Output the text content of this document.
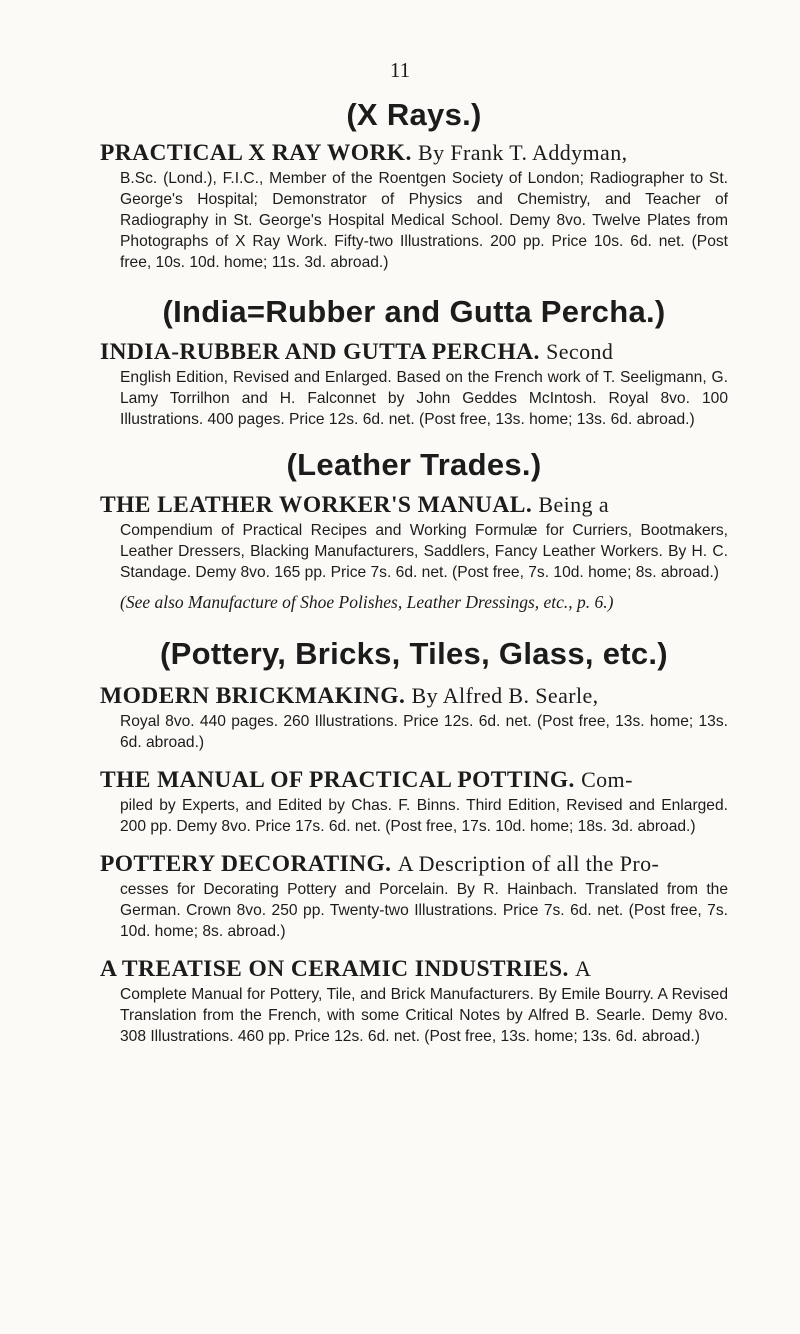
11
(X Rays.)
PRACTICAL X RAY WORK. By Frank T. Addyman,

B.Sc. (Lond.), F.I.C., Member of the Roentgen Society of London; Radiographer to St. George's Hospital; Demonstrator of Physics and Chemistry, and Teacher of Radiography in St. George's Hospital Medical School. Demy 8vo. Twelve Plates from Photographs of X Ray Work. Fifty-two Illustrations. 200 pp. Price 10s. 6d. net. (Post free, 10s. 10d. home; 11s. 3d. abroad.)

(India=Rubber and Gutta Percha.)
INDIA-RUBBER AND GUTTA PERCHA. Second

English Edition, Revised and Enlarged. Based on the French work of T. Seeligmann, G. Lamy Torrilhon and H. Falconnet by John Geddes McIntosh. Royal 8vo. 100 Illustrations. 400 pages. Price 12s. 6d. net. (Post free, 13s. home; 13s. 6d. abroad.)

(Leather Trades.)
THE LEATHER WORKER'S MANUAL. Being a

Compendium of Practical Recipes and Working Formulæ for Curriers, Bootmakers, Leather Dressers, Blacking Manufacturers, Saddlers, Fancy Leather Workers. By H. C. Standage. Demy 8vo. 165 pp. Price 7s. 6d. net. (Post free, 7s. 10d. home; 8s. abroad.)

(See also Manufacture of Shoe Polishes, Leather Dressings, etc., p. 6.)

(Pottery, Bricks, Tiles, Glass, etc.)
MODERN BRICKMAKING. By Alfred B. Searle,

Royal 8vo. 440 pages. 260 Illustrations. Price 12s. 6d. net. (Post free, 13s. home; 13s. 6d. abroad.)

THE MANUAL OF PRACTICAL POTTING. Com-

piled by Experts, and Edited by Chas. F. Binns. Third Edition, Revised and Enlarged. 200 pp. Demy 8vo. Price 17s. 6d. net. (Post free, 17s. 10d. home; 18s. 3d. abroad.)

POTTERY DECORATING. A Description of all the Pro-

cesses for Decorating Pottery and Porcelain. By R. Hainbach. Translated from the German. Crown 8vo. 250 pp. Twenty-two Illustrations. Price 7s. 6d. net. (Post free, 7s. 10d. home; 8s. abroad.)

A TREATISE ON CERAMIC INDUSTRIES. A

Complete Manual for Pottery, Tile, and Brick Manufacturers. By Emile Bourry. A Revised Translation from the French, with some Critical Notes by Alfred B. Searle. Demy 8vo. 308 Illustrations. 460 pp. Price 12s. 6d. net. (Post free, 13s. home; 13s. 6d. abroad.)
